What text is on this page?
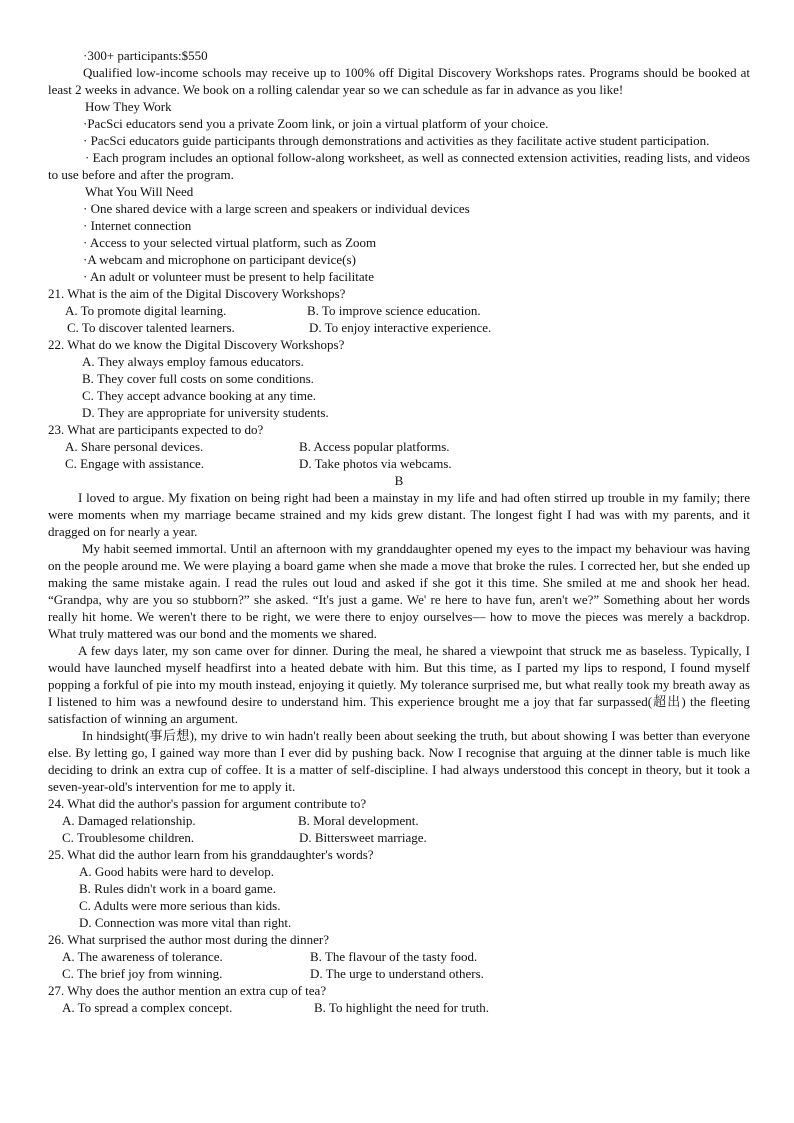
·300+ participants:$550
Qualified low-income schools may receive up to 100% off Digital Discovery Workshops rates. Programs should be booked at least 2 weeks in advance. We book on a rolling calendar year so we can schedule as far in advance as you like!
How They Work
·PacSci educators send you a private Zoom link, or join a virtual platform of your choice.
· PacSci educators guide participants through demonstrations and activities as they facilitate active student participation.
· Each program includes an optional follow-along worksheet, as well as connected extension activities, reading lists, and videos to use before and after the program.
What You Will Need
· One shared device with a large screen and speakers or individual devices
· Internet connection
· Access to your selected virtual platform, such as Zoom
·A webcam and microphone on participant device(s)
· An adult or volunteer must be present to help facilitate
21. What is the aim of the Digital Discovery Workshops?
A. To promote digital learning.	B. To improve science education.
C. To discover talented learners.	D. To enjoy interactive experience.
22. What do we know the Digital Discovery Workshops?
A. They always employ famous educators.
B. They cover full costs on some conditions.
C. They accept advance booking at any time.
D. They are appropriate for university students.
23. What are participants expected to do?
A. Share personal devices.	B. Access popular platforms.
C. Engage with assistance.	D. Take photos via webcams.
B
I loved to argue. My fixation on being right had been a mainstay in my life and had often stirred up trouble in my family; there were moments when my marriage became strained and my kids grew distant. The longest fight I had was with my parents, and it dragged on for nearly a year.
My habit seemed immortal. Until an afternoon with my granddaughter opened my eyes to the impact my behaviour was having on the people around me. We were playing a board game when she made a move that broke the rules. I corrected her, but she ended up making the same mistake again. I read the rules out loud and asked if she got it this time. She smiled at me and shook her head. “Grandpa, why are you so stubborn?” she asked. “It's just a game. We' re here to have fun, aren't we?” Something about her words really hit home. We weren't there to be right, we were there to enjoy ourselves— how to move the pieces was merely a backdrop. What truly mattered was our bond and the moments we shared.
A few days later, my son came over for dinner. During the meal, he shared a viewpoint that struck me as baseless. Typically, I would have launched myself headfirst into a heated debate with him. But this time, as I parted my lips to respond, I found myself popping a forkful of pie into my mouth instead, enjoying it quietly. My tolerance surprised me, but what really took my breath away as I listened to him was a newfound desire to understand him. This experience brought me a joy that far surpassed(超出) the fleeting satisfaction of winning an argument.
In hindsight(事后想), my drive to win hadn't really been about seeking the truth, but about showing I was better than everyone else. By letting go, I gained way more than I ever did by pushing back. Now I recognise that arguing at the dinner table is much like deciding to drink an extra cup of coffee. It is a matter of self-discipline. I had always understood this concept in theory, but it took a seven-year-old's intervention for me to apply it.
24. What did the author's passion for argument contribute to?
A. Damaged relationship.	B. Moral development.
C. Troublesome children.	D. Bittersweet marriage.
25. What did the author learn from his granddaughter's words?
A. Good habits were hard to develop.
B. Rules didn't work in a board game.
C. Adults were more serious than kids.
D. Connection was more vital than right.
26. What surprised the author most during the dinner?
A. The awareness of tolerance.	B. The flavour of the tasty food.
C. The brief joy from winning.	D. The urge to understand others.
27. Why does the author mention an extra cup of tea?
A. To spread a complex concept.	B. To highlight the need for truth.
